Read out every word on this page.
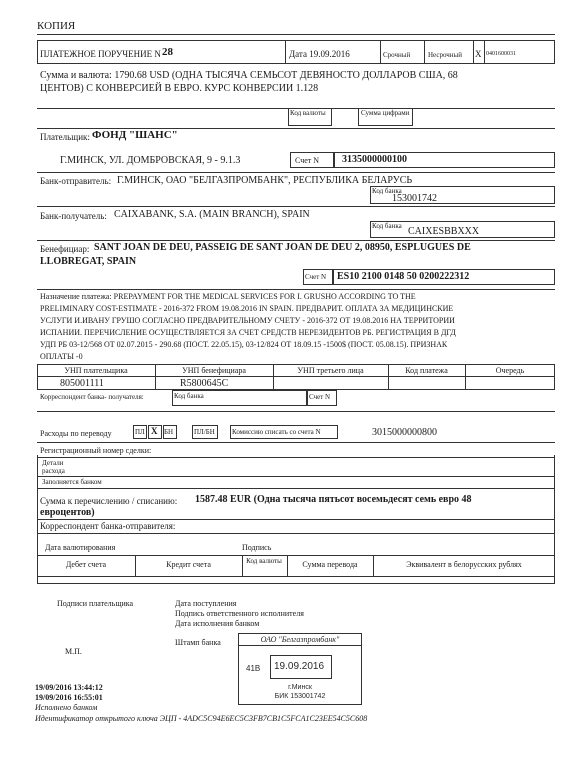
КОПИЯ
ПЛАТЕЖНОЕ ПОРУЧЕНИЕ N 28	Дата 19.09.2016	Срочный	Несрочный X 0401600031
Сумма и валюта: 1790.68 USD (ОДНА ТЫСЯЧА СЕМЬСОТ ДЕВЯНОСТО ДОЛЛАРОВ США, 68
ЦЕНТОВ) С КОНВЕРСИЕЙ В ЕВРО. КУРС КОНВЕРСИИ 1.128
Код валюты	Сумма цифрами
Плательщик: ФОНД "ШАНС"
Г.МИНСК, УЛ. ДОМБРОВСКАЯ, 9 - 9.1.3	Счет N 3135000000100
Банк-отправитель: Г.МИНСК, ОАО "БЕЛГАЗПРОМБАНК", РЕСПУБЛИКА БЕЛАРУСЬ
Код банка
153001742
Банк-получатель: CAIXABANK, S.A. (MAIN BRANCH), SPAIN
Код банка CAIXESBBXXX
Бенефициар: SANT JOAN DE DEU, PASSEIG DE SANT JOAN DE DEU 2, 08950, ESPLUGUES DE
LLOBREGAT, SPAIN
Счет N ES10 2100 0148 50 0200222312
Назначение платежа: PREPAYMENT FOR THE MEDICAL SERVICES FOR I. GRUSHO ACCORDING TO THE
PRELIMINARY COST-ESTIMATE - 2016-372 FROM 19.08.2016 IN SPAIN. ПРЕДВАРИТ. ОПЛАТА ЗА МЕДИЦИНСКИЕ
УСЛУГИ И.ИВАНУ ГРУШО СОГЛАСНО ПРЕДВАРИТЕЛЬНОМУ СЧЕТУ - 2016-372 ОТ 19.08.2016 НА ТЕРРИТОРИИ
ИСПАНИИ. ПЕРЕЧИСЛЕНИЕ ОСУЩЕСТВЛЯЕТСЯ ЗА СЧЕТ СРЕДСТВ НЕРЕЗИДЕНТОВ РБ. РЕГИСТРАЦИЯ В ДГД
УДП РБ 03-12/568 ОТ 02.07.2015 - 290.68 (ПОСТ. 22.05.15), 03-12/824 ОТ 18.09.15 -1500$ (ПОСТ. 05.08.15). ПРИЗНАК
ОПЛАТЫ -0
УНП плательщика	УНП бенефициара	УНП третьего лица	Код платежа	Очередь
805001111	R5800645C
Корреспондент банка- получателя:	Код банка	Счет N
Расходы по переводу	ПЛ X БН	ПЛ/БН Комиссию списать со счета N	3015000000800
Регистрационный номер сделки:
Детали
расхода
Заполняется банком
Сумма к перечислению / списанию: 1587.48 EUR (Одна тысяча пятьсот восемьдесят семь евро 48
евроцентов)
Корреспондент банка-отправителя:
Дата валютирования	Подпись
Дебет счета	Кредит счета	Код валюты	Сумма перевода	Эквивалент в белорусских рублях
Подписи плательщика	Дата поступления
Подпись ответственного исполнителя
Дата исполнения банком
Штамп банка
М.П.
ОАО "Белгазпромбанк"
41В 19.09.2016
г.Минск
БИК 153001742
19/09/2016 13:44:12
19/09/2016 16:55:01
Исполнено банком
Идентификатор открытого ключа ЭЦП - 4ADC5C94E6EC5C3FB7CB1C5FCA1C23EE54C5C608
